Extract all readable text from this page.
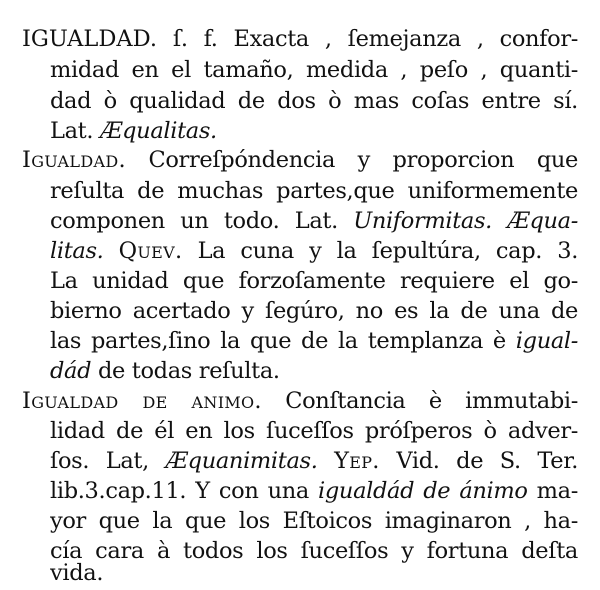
IGUALDAD. ſ. f. Exacta , ſemejanza , confor-
midad en el tamaño, medida , peſo , quanti-
dad ò qualidad de dos ò mas coſas entre sí.
Lat. Æqualitas.
Igualdad. Correſpóndencia y proporcion que
reſulta de muchas partes,que uniformemente
componen un todo. Lat. Uniformitas. Æqua-
litas. Quev. La cuna y la ſepultúra, cap. 3.
La unidad que forzoſamente requiere el go-
bierno acertado y ſegúro, no es la de una de
las partes,ſino la que de la templanza è igual-
dád de todas reſulta.
Igualdad de animo. Conſtancia è immutabi-
lidad de él en los ſuceſſos próſperos ò adver-
ſos. Lat, Æquanimitas. Yep. Vid. de S. Ter.
lib.3.cap.11. Y con una igualdád de ánimo ma-
yor que la que los Eſtoicos imaginaron , ha-
cía cara à todos los ſuceſſos y fortuna deſta
vida.
